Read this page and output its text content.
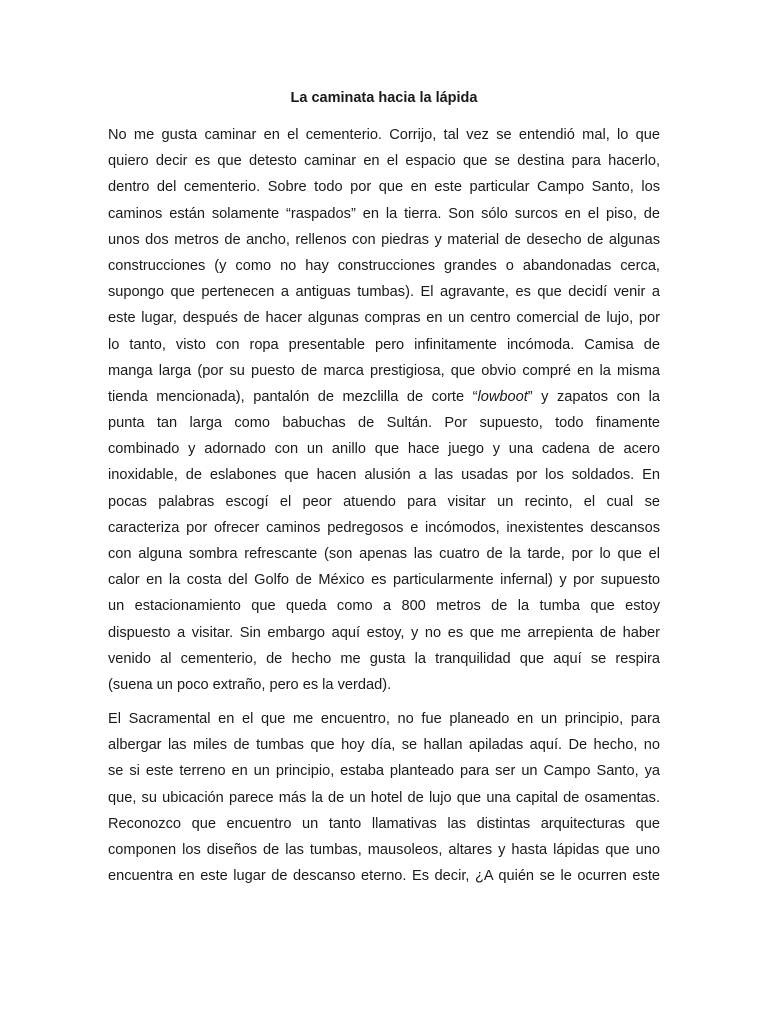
La caminata hacia la lápida
No me gusta caminar en el cementerio. Corrijo, tal vez se entendió mal, lo que
quiero decir es que detesto caminar en el espacio que se destina para hacerlo,
dentro del cementerio. Sobre todo por que en este particular Campo Santo, los
caminos están solamente “raspados” en la tierra. Son sólo surcos en el piso, de
unos dos metros de ancho, rellenos con piedras y material de desecho de algunas
construcciones (y como no hay construcciones grandes o abandonadas cerca,
supongo que pertenecen a antiguas tumbas). El agravante, es que decidí venir a
este lugar, después de hacer algunas compras en un centro comercial de lujo, por
lo tanto, visto con ropa presentable pero infinitamente incómoda. Camisa de
manga larga (por su puesto de marca prestigiosa, que obvio compré en la misma
tienda mencionada), pantalón de mezclilla de corte “lowboot” y zapatos con la
punta tan larga como babuchas de Sultán. Por supuesto, todo finamente
combinado y adornado con un anillo que hace juego y una cadena de acero
inoxidable, de eslabones que hacen alusión a las usadas por los soldados. En
pocas palabras escogí el peor atuendo para visitar un recinto, el cual se
caracteriza por ofrecer caminos pedregosos e incómodos, inexistentes descansos
con alguna sombra refrescante (son apenas las cuatro de la tarde, por lo que el
calor en la costa del Golfo de México es particularmente infernal) y por supuesto
un estacionamiento que queda como a 800 metros de la tumba que estoy
dispuesto a visitar. Sin embargo aquí estoy, y no es que me arrepienta de haber
venido al cementerio, de hecho me gusta la tranquilidad que aquí se respira
(suena un poco extraño, pero es la verdad).
El Sacramental en el que me encuentro, no fue planeado en un principio, para
albergar las miles de tumbas que hoy día, se hallan apiladas aquí. De hecho, no
se si este terreno en un principio, estaba planteado para ser un Campo Santo, ya
que, su ubicación parece más la de un hotel de lujo que una capital de osamentas.
Reconozco que encuentro un tanto llamativas las distintas arquitecturas que
componen los diseños de las tumbas, mausoleos, altares y hasta lápidas que uno
encuentra en este lugar de descanso eterno. Es decir, ¿A quién se le ocurren este
